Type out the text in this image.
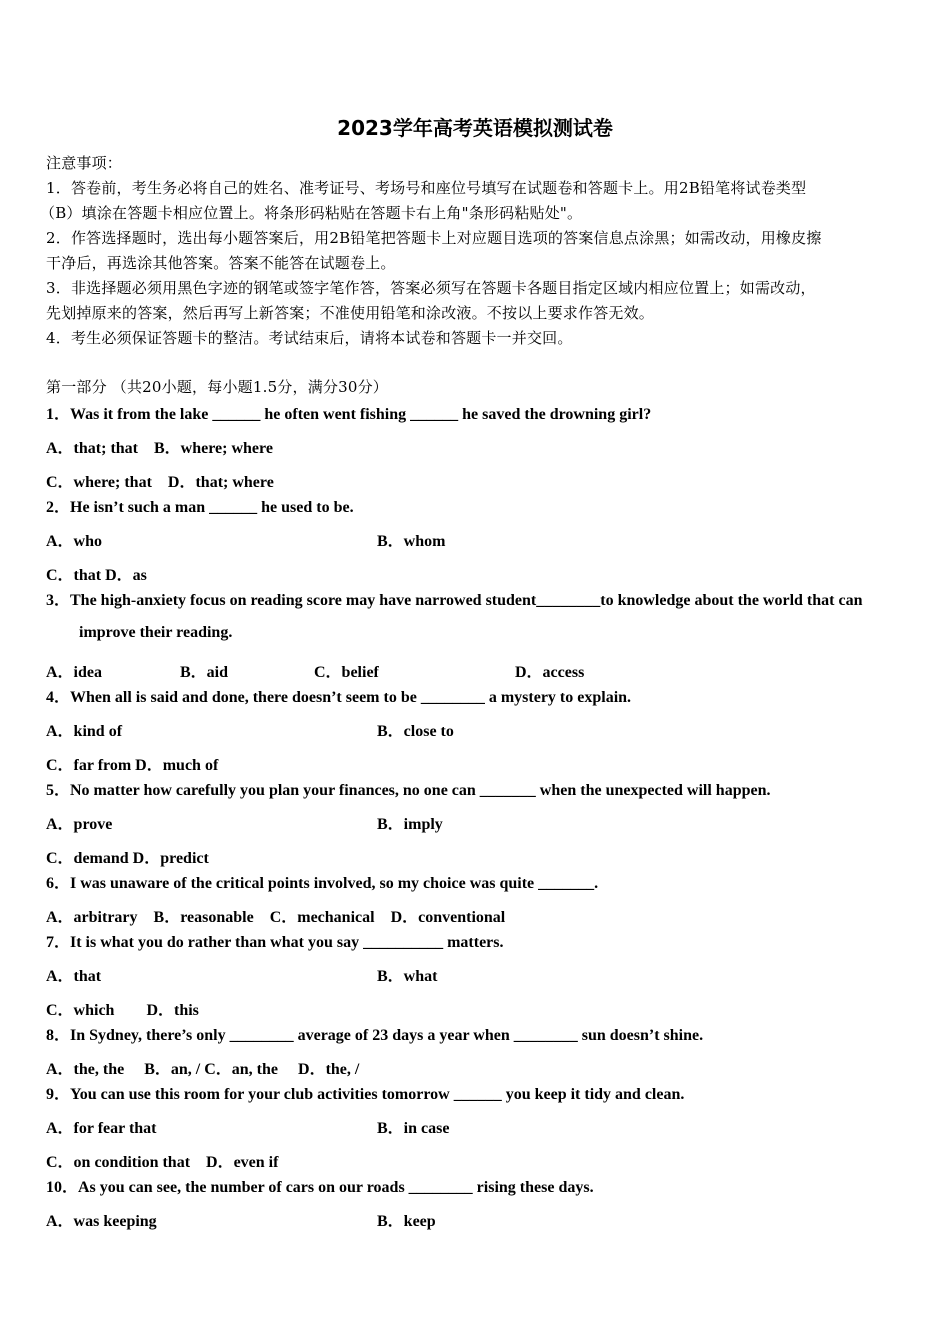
2023学年高考英语模拟测试卷
注意事项：
1．答卷前，考生务必将自己的姓名、准考证号、考场号和座位号填写在试题卷和答题卡上。用2B铅笔将试卷类型
（B）填涂在答题卡相应位置上。将条形码粘贴在答题卡右上角"条形码粘贴处"。
2．作答选择题时，选出每小题答案后，用2B铅笔把答题卡上对应题目选项的答案信息点涂黑；如需改动，用橡皮擦
干净后，再选涂其他答案。答案不能答在试题卷上。
3．非选择题必须用黑色字迹的钢笔或签字笔作答，答案必须写在答题卡各题目指定区域内相应位置上；如需改动，
先划掉原来的答案，然后再写上新答案；不准使用铅笔和涂改液。不按以上要求作答无效。
4．考生必须保证答题卡的整洁。考试结束后，请将本试卷和答题卡一并交回。
第一部分 （共20小题，每小题1.5分，满分30分）
1．Was it from the lake ______ he often went fishing ______ he saved the drowning girl?
A．that; that　B．where; where
C．where; that　D．that; where
2．He isn’t such a man ______ he used to be.
A．who	B．whom
C．that D．as
3．The high-anxiety focus on reading score may have narrowed student________to knowledge about the world that can
improve their reading.
A．idea	B．aid	C．belief	D．access
4．When all is said and done, there doesn’t seem to be ________ a mystery to explain.
A．kind of	B．close to
C．far from D．much of
5．No matter how carefully you plan your finances, no one can _______ when the unexpected will happen.
A．prove	B．imply
C．demand D．predict
6．I was unaware of the critical points involved, so my choice was quite _______.
A．arbitrary　B．reasonable　C．mechanical　D．conventional
7．It is what you do rather than what you say __________ matters.
A．that	B．what
C．which　　D．this
8．In Sydney, there’s only ________ average of 23 days a year when ________ sun doesn’t shine.
A．the, the　 B．an, / C．an, the　 D．the, /
9．You can use this room for your club activities tomorrow ______ you keep it tidy and clean.
A．for fear that	B．in case
C．on condition that　D．even if
10．As you can see, the number of cars on our roads ________ rising these days.
A．was keeping	B．keep
